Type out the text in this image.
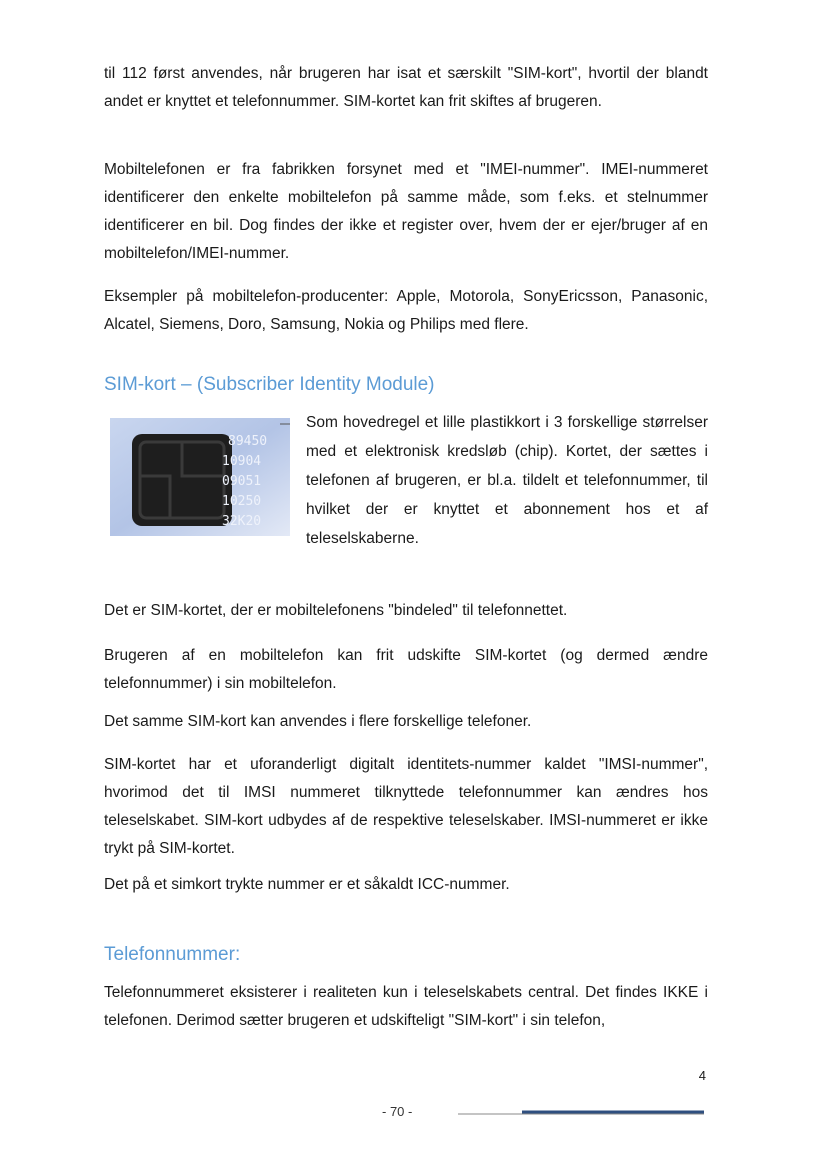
til 112 først anvendes, når brugeren har isat et særskilt "SIM-kort", hvortil der blandt andet er knyttet et telefonnummer. SIM-kortet kan frit skiftes af brugeren.

Mobiltelefonen er fra fabrikken forsynet med et "IMEI-nummer". IMEI-nummeret identificerer den enkelte mobiltelefon på samme måde, som f.eks. et stelnummer identificerer en bil. Dog findes der ikke et register over, hvem der er ejer/bruger af en mobiltelefon/IMEI-nummer.

Eksempler på mobiltelefon-producenter: Apple, Motorola, SonyEricsson, Panasonic, Alcatel, Siemens, Doro, Samsung, Nokia og Philips med flere.

SIM-kort – (Subscriber Identity Module)
89450
10904
09051
10250
32K20

Som hovedregel et lille plastikkort i 3 forskellige størrelser med et elektronisk kredsløb (chip). Kortet, der sættes i telefonen af brugeren, er bl.a. tildelt et telefonnummer, til hvilket der er knyttet et abonnement hos et af teleselskaberne.

Det er SIM-kortet, der er mobiltelefonens "bindeled" til telefonnettet.

Brugeren af en mobiltelefon kan frit udskifte SIM-kortet (og dermed ændre telefonnummer) i sin mobiltelefon.

Det samme SIM-kort kan anvendes i flere forskellige telefoner.

SIM-kortet har et uforanderligt digitalt identitets-nummer kaldet "IMSI-nummer", hvorimod det til IMSI nummeret tilknyttede telefonnummer kan ændres hos teleselskabet. SIM-kort udbydes af de respektive teleselskaber. IMSI-nummeret er ikke trykt på SIM-kortet.

Det på et simkort trykte nummer er et såkaldt ICC-nummer.

Telefonnummer:

Telefonnummeret eksisterer i realiteten kun i teleselskabets central. Det findes IKKE i telefonen. Derimod sætter brugeren et udskifteligt "SIM-kort" i sin telefon,

4
- 70 -
